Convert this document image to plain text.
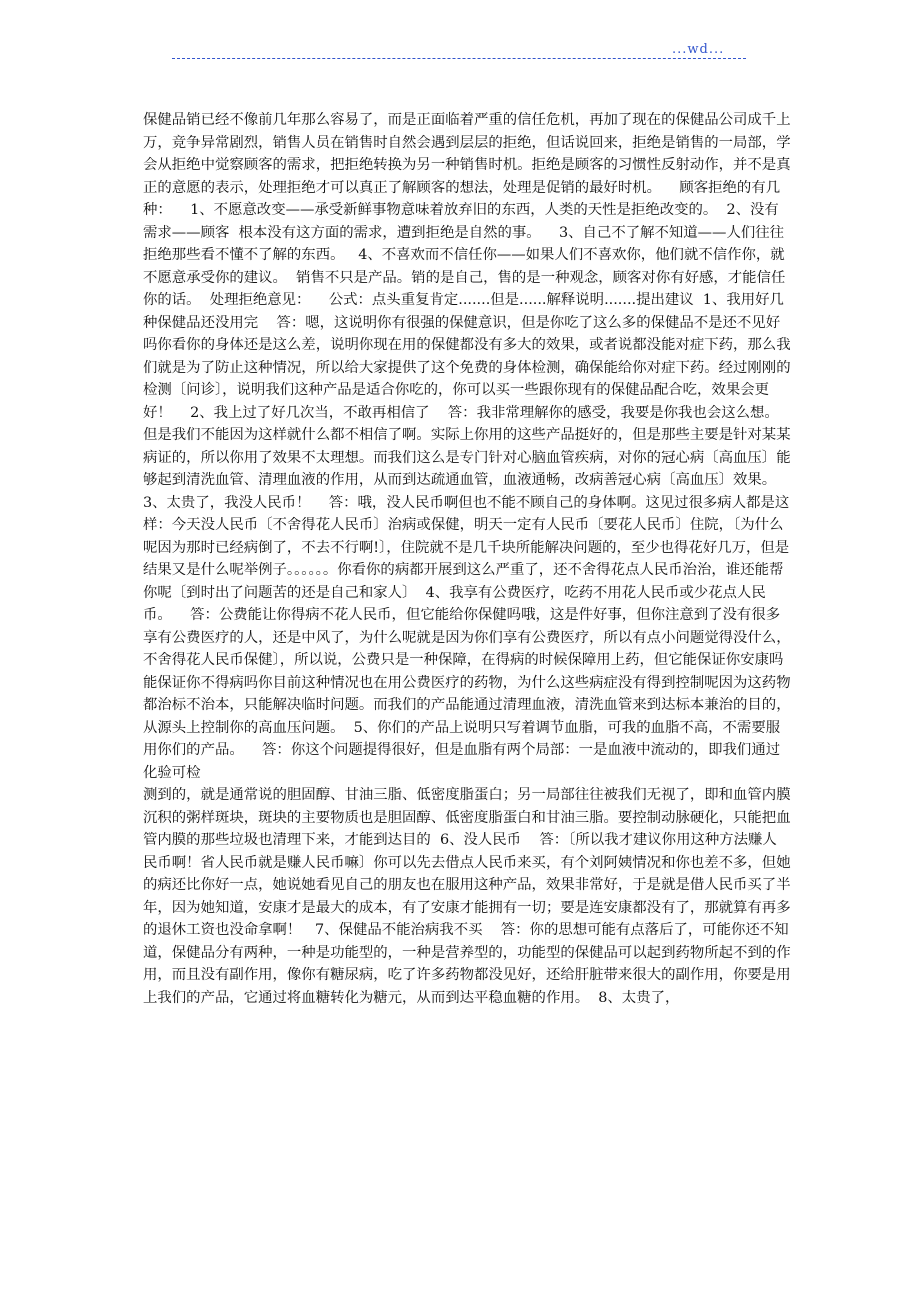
...wd...

保健品销已经不像前几年那么容易了，而是正面临着严重的信任危机，再加了现在的保健品公司成千上万，竞争异常剧烈，销售人员在销售时自然会遇到层层的拒绝，但话说回来，拒绝是销售的一局部，学会从拒绝中觉察顾客的需求，把拒绝转换为另一种销售时机。拒绝是顾客的习惯性反射动作，并不是真正的意愿的表示，处理拒绝才可以真正了解顾客的想法，处理是促销的最好时机。    顾客拒绝的有几种：    1、不愿意改变——承受新鲜事物意味着放弃旧的东西，人类的天性是拒绝改变的。  2、没有需求——顾客  根本没有这方面的需求，遭到拒绝是自然的事。    3、自己不了解不知道——人们往往拒绝那些看不懂不了解的东西。   4、不喜欢而不信任你——如果人们不喜欢你，他们就不信作你，就不愿意承受你的建议。  销售不只是产品。销的是自己，售的是一种观念，顾客对你有好感，才能信任你的话。  处理拒绝意见：    公式：点头重复肯定.......但是......解释说明.......提出建议  1、我用好几种保健品还没用完    答：嗯，这说明你有很强的保健意识，但是你吃了这么多的保健品不是还不见好吗你看你的身体还是这么差，说明你现在用的保健都没有多大的效果，或者说都没能对症下药，那么我们就是为了防止这种情况，所以给大家提供了这个免费的身体检测，确保能给你对症下药。经过刚刚的检测〔问诊〕，说明我们这种产品是适合你吃的，你可以买一些跟你现有的保健品配合吃，效果会更好！    2、我上过了好几次当，不敢再相信了    答：我非常理解你的感受，我要是你我也会这么想。但是我们不能因为这样就什么都不相信了啊。实际上你用的这些产品挺好的，但是那些主要是针对某某病证的，所以你用了效果不太理想。而我们这么是专门针对心脑血管疾病，对你的冠心病〔高血压〕能够起到清洗血管、清理血液的作用，从而到达疏通血管，血液通畅，改病善冠心病〔高血压〕效果。  3、太贵了，我没人民币！    答：哦，没人民币啊但也不能不顾自己的身体啊。这见过很多病人都是这样：今天没人民币〔不舍得花人民币〕治病或保健，明天一定有人民币〔要花人民币〕住院，〔为什么呢因为那时已经病倒了，不去不行啊!〕，住院就不是几千块所能解决问题的，至少也得花好几万，但是结果又是什么呢举例子。。。。。。你看你的病都开展到这么严重了，还不舍得花点人民币治治，谁还能帮你呢〔到时出了问题苦的还是自己和家人〕  4、我享有公费医疗，吃药不用花人民币或少花点人民币。    答：公费能让你得病不花人民币，但它能给你保健吗哦，这是件好事，但你注意到了没有很多享有公费医疗的人，还是中风了，为什么呢就是因为你们享有公费医疗，所以有点小问题觉得没什么，不舍得花人民币保健〕，所以说，公费只是一种保障，在得病的时候保障用上药，但它能保证你安康吗能保证你不得病吗你目前这种情况也在用公费医疗的药物，为什么这些病症没有得到控制呢因为这药物都治标不治本，只能解决临时问题。而我们的产品能通过清理血液，清洗血管来到达标本兼治的目的，从源头上控制你的高血压问题。  5、你们的产品上说明只写着调节血脂，可我的血脂不高，不需要服用你们的产品。    答：你这个问题提得很好，但是血脂有两个局部：一是血液中流动的，即我们通过化验可检

测到的，就是通常说的胆固醇、甘油三脂、低密度脂蛋白；另一局部往往被我们无视了，即和血管内膜沉积的粥样斑块，斑块的主要物质也是胆固醇、低密度脂蛋白和甘油三脂。要控制动脉硬化，只能把血管内膜的那些垃圾也清理下来，才能到达目的  6、没人民币    答：〔所以我才建议你用这种方法赚人民币啊！省人民币就是赚人民币嘛〕你可以先去借点人民币来买，有个刘阿姨情况和你也差不多，但她的病还比你好一点，她说她看见自己的朋友也在服用这种产品，效果非常好，于是就是借人民币买了半年，因为她知道，安康才是最大的成本，有了安康才能拥有一切；要是连安康都没有了，那就算有再多的退休工资也没命拿啊！   7、保健品不能治病我不买    答：你的思想可能有点落后了，可能你还不知道，保健品分有两种，一种是功能型的，一种是营养型的，功能型的保健品可以起到药物所起不到的作用，而且没有副作用，像你有糖尿病，吃了许多药物都没见好，还给肝脏带来很大的副作用，你要是用上我们的产品，它通过将血糖转化为糖元，从而到达平稳血糖的作用。  8、太贵了，
